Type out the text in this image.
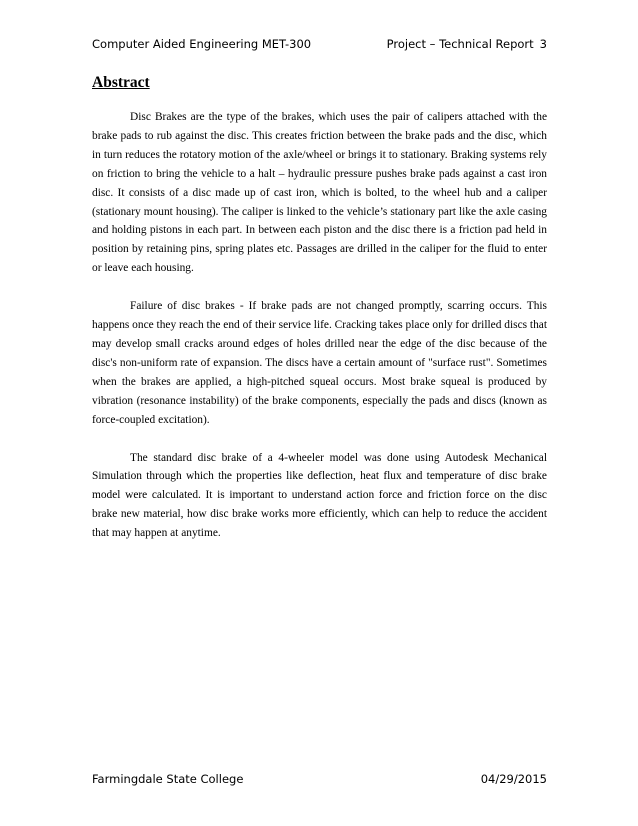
Computer Aided Engineering MET-300	Project – Technical Report 3
Abstract

Disc Brakes are the type of the brakes, which uses the pair of calipers attached with the brake pads to rub against the disc. This creates friction between the brake pads and the disc, which in turn reduces the rotatory motion of the axle/wheel or brings it to stationary. Braking systems rely on friction to bring the vehicle to a halt – hydraulic pressure pushes brake pads against a cast iron disc. It consists of a disc made up of cast iron, which is bolted, to the wheel hub and a caliper (stationary mount housing). The caliper is linked to the vehicle’s stationary part like the axle casing and holding pistons in each part. In between each piston and the disc there is a friction pad held in position by retaining pins, spring plates etc. Passages are drilled in the caliper for the fluid to enter or leave each housing.

Failure of disc brakes - If brake pads are not changed promptly, scarring occurs. This happens once they reach the end of their service life. Cracking takes place only for drilled discs that may develop small cracks around edges of holes drilled near the edge of the disc because of the disc's non-uniform rate of expansion. The discs have a certain amount of "surface rust". Sometimes when the brakes are applied, a high-pitched squeal occurs. Most brake squeal is produced by vibration (resonance instability) of the brake components, especially the pads and discs (known as force-coupled excitation).

The standard disc brake of a 4-wheeler model was done using Autodesk Mechanical Simulation through which the properties like deflection, heat flux and temperature of disc brake model were calculated. It is important to understand action force and friction force on the disc brake new material, how disc brake works more efficiently, which can help to reduce the accident that may happen at anytime.

Farmingdale State College	04/29/2015
